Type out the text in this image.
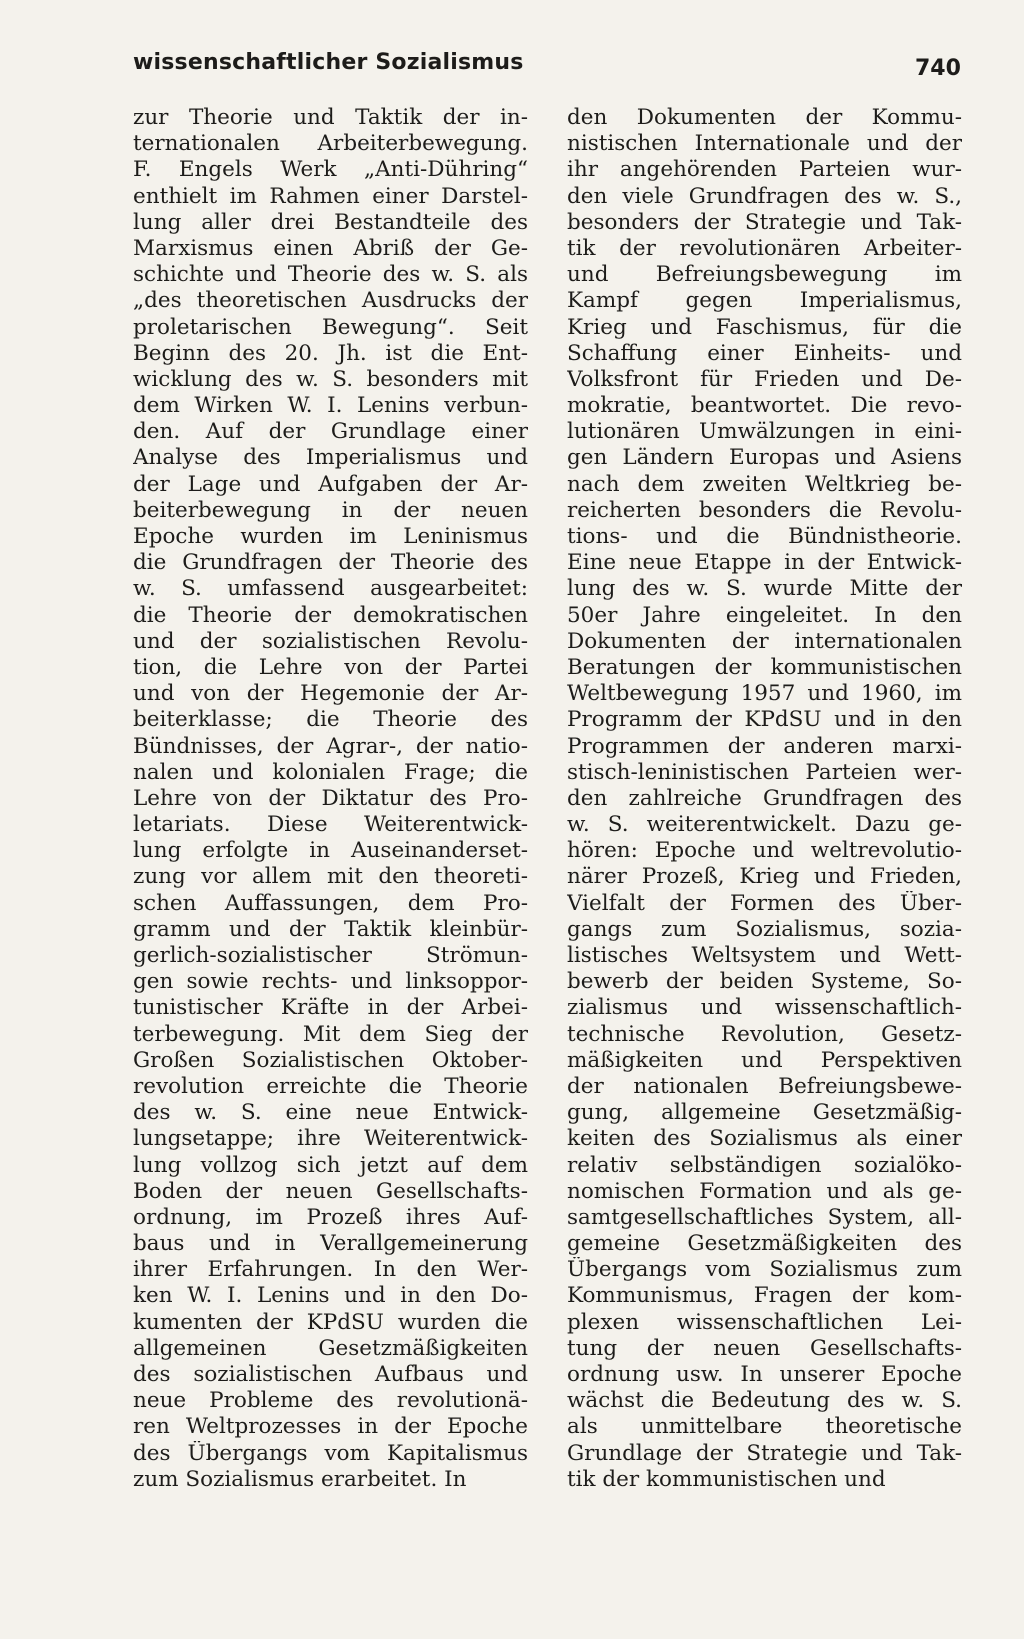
wissenschaftlicher Sozialismus	740
zur Theorie und Taktik der in-
ternationalen Arbeiterbewegung.
F. Engels Werk „Anti-Dühring“
enthielt im Rahmen einer Darstel-
lung aller drei Bestandteile des
Marxismus einen Abriß der Ge-
schichte und Theorie des w. S. als
„des theoretischen Ausdrucks der
proletarischen Bewegung“. Seit
Beginn des 20. Jh. ist die Ent-
wicklung des w. S. besonders mit
dem Wirken W. I. Lenins verbun-
den. Auf der Grundlage einer
Analyse des Imperialismus und
der Lage und Aufgaben der Ar-
beiterbewegung in der neuen
Epoche wurden im Leninismus
die Grundfragen der Theorie des
w. S. umfassend ausgearbeitet:
die Theorie der demokratischen
und der sozialistischen Revolu-
tion, die Lehre von der Partei
und von der Hegemonie der Ar-
beiterklasse; die Theorie des
Bündnisses, der Agrar-, der natio-
nalen und kolonialen Frage; die
Lehre von der Diktatur des Pro-
letariats. Diese Weiterentwick-
lung erfolgte in Auseinanderset-
zung vor allem mit den theoreti-
schen Auffassungen, dem Pro-
gramm und der Taktik kleinbür-
gerlich-sozialistischer Strömun-
gen sowie rechts- und linksoppor-
tunistischer Kräfte in der Arbei-
terbewegung. Mit dem Sieg der
Großen Sozialistischen Oktober-
revolution erreichte die Theorie
des w. S. eine neue Entwick-
lungsetappe; ihre Weiterentwick-
lung vollzog sich jetzt auf dem
Boden der neuen Gesellschafts-
ordnung, im Prozeß ihres Auf-
baus und in Verallgemeinerung
ihrer Erfahrungen. In den Wer-
ken W. I. Lenins und in den Do-
kumenten der KPdSU wurden die
allgemeinen Gesetzmäßigkeiten
des sozialistischen Aufbaus und
neue Probleme des revolutionä-
ren Weltprozesses in der Epoche
des Übergangs vom Kapitalismus
zum Sozialismus erarbeitet. In
den Dokumenten der Kommu-
nistischen Internationale und der
ihr angehörenden Parteien wur-
den viele Grundfragen des w. S.,
besonders der Strategie und Tak-
tik der revolutionären Arbeiter-
und Befreiungsbewegung im
Kampf gegen Imperialismus,
Krieg und Faschismus, für die
Schaffung einer Einheits- und
Volksfront für Frieden und De-
mokratie, beantwortet. Die revo-
lutionären Umwälzungen in eini-
gen Ländern Europas und Asiens
nach dem zweiten Weltkrieg be-
reicherten besonders die Revolu-
tions- und die Bündnistheorie.
Eine neue Etappe in der Entwick-
lung des w. S. wurde Mitte der
50er Jahre eingeleitet. In den
Dokumenten der internationalen
Beratungen der kommunistischen
Weltbewegung 1957 und 1960, im
Programm der KPdSU und in den
Programmen der anderen marxi-
stisch-leninistischen Parteien wer-
den zahlreiche Grundfragen des
w. S. weiterentwickelt. Dazu ge-
hören: Epoche und weltrevolutio-
närer Prozeß, Krieg und Frieden,
Vielfalt der Formen des Über-
gangs zum Sozialismus, sozia-
listisches Weltsystem und Wett-
bewerb der beiden Systeme, So-
zialismus und wissenschaftlich-
technische Revolution, Gesetz-
mäßigkeiten und Perspektiven
der nationalen Befreiungsbewe-
gung, allgemeine Gesetzmäßig-
keiten des Sozialismus als einer
relativ selbständigen sozialöko-
nomischen Formation und als ge-
samtgesellschaftliches System, all-
gemeine Gesetzmäßigkeiten des
Übergangs vom Sozialismus zum
Kommunismus, Fragen der kom-
plexen wissenschaftlichen Lei-
tung der neuen Gesellschafts-
ordnung usw. In unserer Epoche
wächst die Bedeutung des w. S.
als unmittelbare theoretische
Grundlage der Strategie und Tak-
tik der kommunistischen und
